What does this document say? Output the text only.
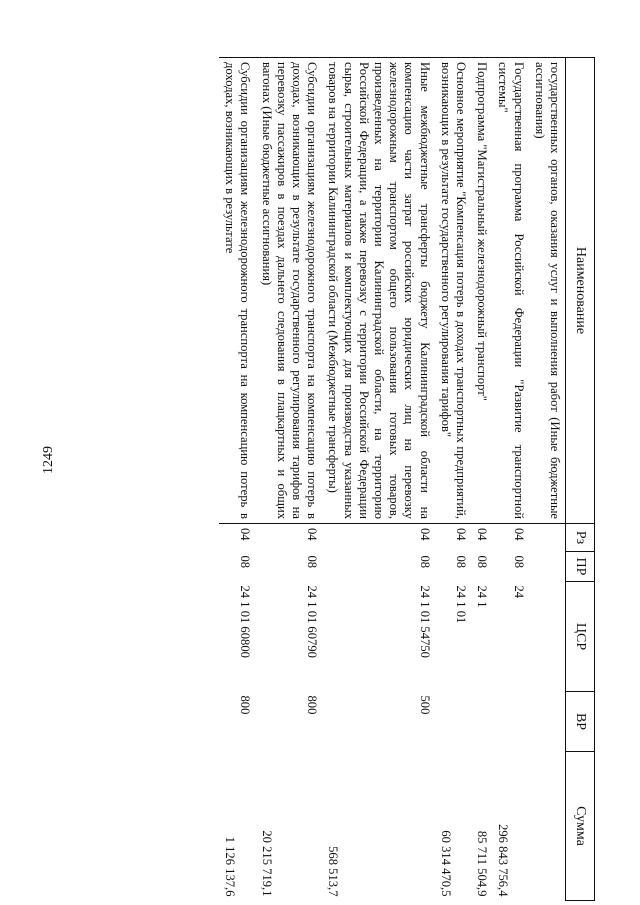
1249
Наименование	Рз	ПР	ЦСР	ВР	Сумма
государственных органов, оказания услуг и выполнения работ (Иные бюджетные ассигнования)					
Государственная программа Российской Федерации "Развитие транспортной системы"	04	08	24		296 843 756,4
Подпрограмма "Магистральный железнодорожный транспорт"	04	08	24 1		85 711 504,9
Основное мероприятие "Компенсация потерь в доходах транспортных предприятий, возникающих в результате государственного регулирования тарифов"	04	08	24 1 01		60 314 470,5
Иные межбюджетные трансферты бюджету Калининградской области на компенсацию части затрат российских юридических лиц на перевозку железнодорожным транспортом общего пользования готовых товаров, произведенных на территории Калининградской области, на территорию Российской Федерации, а также перевозку с территории Российской Федерации сырья, строительных материалов и комплектующих для производства указанных товаров на территории Калининградской области (Межбюджетные трансферты)	04	08	24 1 01 54750	500	568 513,7
Субсидии организациям железнодорожного транспорта на компенсацию потерь в доходах, возникающих в результате государственного регулирования тарифов на перевозку пассажиров в поездах дальнего следования в плацкартных и общих вагонах (Иные бюджетные ассигнования)	04	08	24 1 01 60790	800	20 215 719,1
Субсидии организациям железнодорожного транспорта на компенсацию потерь в доходах, возникающих в результате	04	08	24 1 01 60800	800	1 126 137,6
